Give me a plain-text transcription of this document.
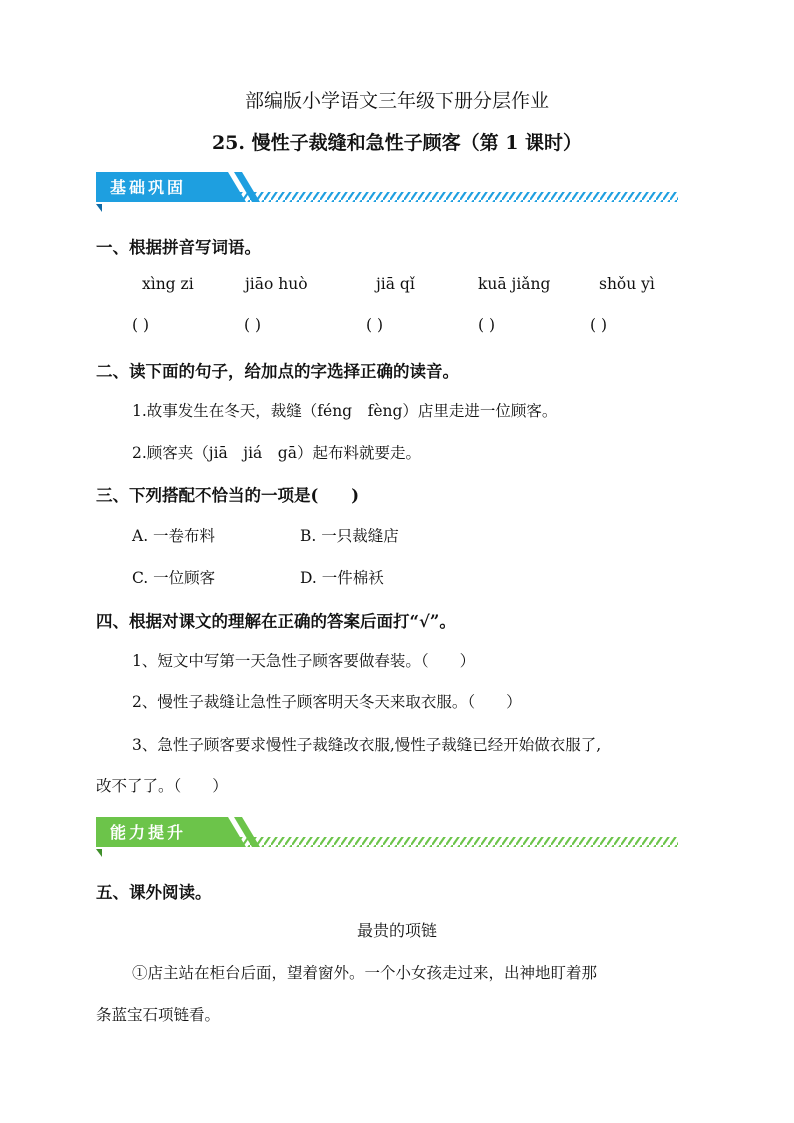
部编版小学语文三年级下册分层作业
25. 慢性子裁缝和急性子顾客（第 1 课时）
基础巩固
一、根据拼音写词语。
xìng zi	jiāo huò	jiā qǐ	kuā jiǎng	shǒu yì
( )	( )	( )	( )	( )
二、读下面的句子，给加点的字选择正确的读音。
1.故事发生在冬天，裁缝（féng　fèng）店里走进一位顾客。
2.顾客夹（jiā　jiá　gā）起布料就要走。
三、下列搭配不恰当的一项是(　　)
A. 一卷布料	B. 一只裁缝店
C. 一位顾客	D. 一件棉袄
四、根据对课文的理解在正确的答案后面打“√”。
1、短文中写第一天急性子顾客要做春装。（　　）
2、慢性子裁缝让急性子顾客明天冬天来取衣服。（　　）
3、急性子顾客要求慢性子裁缝改衣服,慢性子裁缝已经开始做衣服了,
改不了了。（　　）
能力提升
五、课外阅读。
最贵的项链
①店主站在柜台后面，望着窗外。一个小女孩走过来，出神地盯着那
条蓝宝石项链看。
